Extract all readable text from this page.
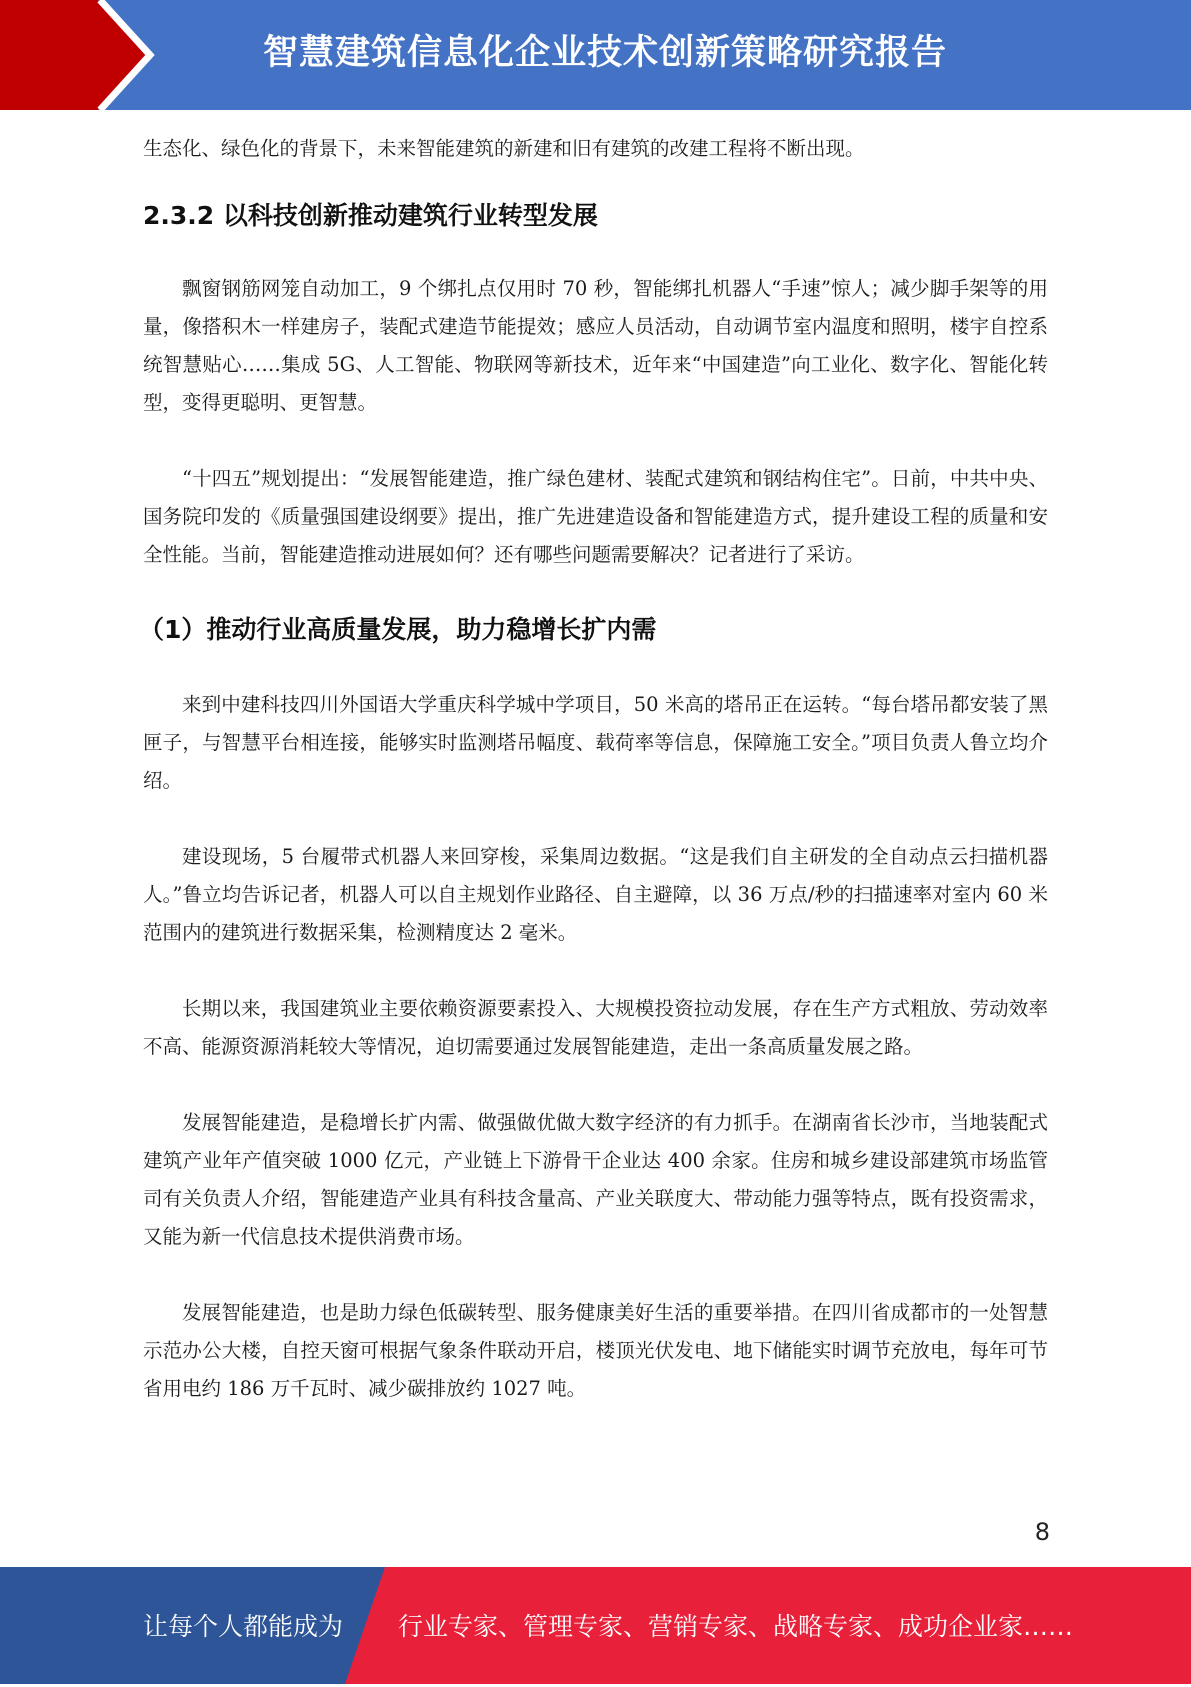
智慧建筑信息化企业技术创新策略研究报告

生态化、绿色化的背景下，未来智能建筑的新建和旧有建筑的改建工程将不断出现。

2.3.2 以科技创新推动建筑行业转型发展

飘窗钢筋网笼自动加工，9 个绑扎点仅用时 70 秒，智能绑扎机器人“手速”惊人；减少脚手架等的用量，像搭积木一样建房子，装配式建造节能提效；感应人员活动，自动调节室内温度和照明，楼宇自控系统智慧贴心……集成 5G、人工智能、物联网等新技术，近年来“中国建造”向工业化、数字化、智能化转型，变得更聪明、更智慧。

“十四五”规划提出：“发展智能建造，推广绿色建材、装配式建筑和钢结构住宅”。日前，中共中央、国务院印发的《质量强国建设纲要》提出，推广先进建造设备和智能建造方式，提升建设工程的质量和安全性能。当前，智能建造推动进展如何？还有哪些问题需要解决？记者进行了采访。

（1）推动行业高质量发展，助力稳增长扩内需

来到中建科技四川外国语大学重庆科学城中学项目，50 米高的塔吊正在运转。“每台塔吊都安装了黑匣子，与智慧平台相连接，能够实时监测塔吊幅度、载荷率等信息，保障施工安全。”项目负责人鲁立均介绍。

建设现场，5 台履带式机器人来回穿梭，采集周边数据。“这是我们自主研发的全自动点云扫描机器人。”鲁立均告诉记者，机器人可以自主规划作业路径、自主避障，以 36 万点/秒的扫描速率对室内 60 米范围内的建筑进行数据采集，检测精度达 2 毫米。

长期以来，我国建筑业主要依赖资源要素投入、大规模投资拉动发展，存在生产方式粗放、劳动效率不高、能源资源消耗较大等情况，迫切需要通过发展智能建造，走出一条高质量发展之路。

发展智能建造，是稳增长扩内需、做强做优做大数字经济的有力抓手。在湖南省长沙市，当地装配式建筑产业年产值突破 1000 亿元，产业链上下游骨干企业达 400 余家。住房和城乡建设部建筑市场监管司有关负责人介绍，智能建造产业具有科技含量高、产业关联度大、带动能力强等特点，既有投资需求，又能为新一代信息技术提供消费市场。

发展智能建造，也是助力绿色低碳转型、服务健康美好生活的重要举措。在四川省成都市的一处智慧示范办公大楼，自控天窗可根据气象条件联动开启，楼顶光伏发电、地下储能实时调节充放电，每年可节省用电约 186 万千瓦时、减少碳排放约 1027 吨。

8
让每个人都能成为 行业专家、管理专家、营销专家、战略专家、成功企业家……
